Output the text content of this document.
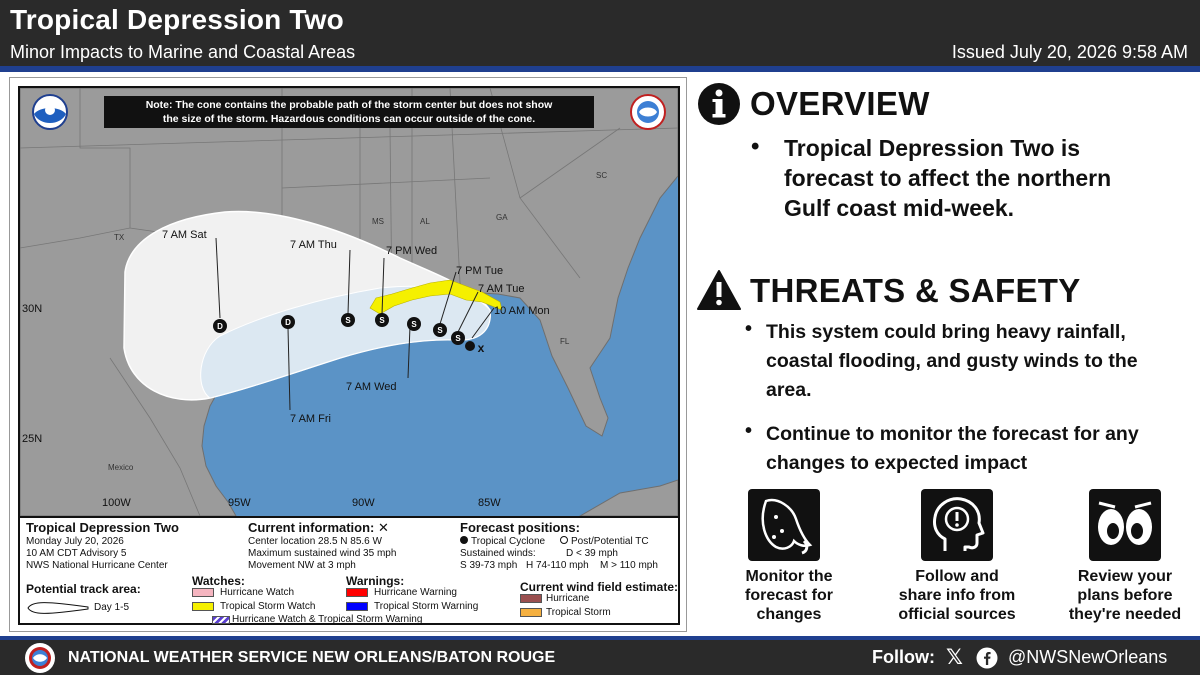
Tropical Depression Two
Minor Impacts to Marine and Coastal Areas	Issued July 20, 2026 9:58 AM
TX
MS	AL	GA
SC
FL
Mexico
30N
25N
100W	95W	90W	85W
D	D	S	S	S
S
S
x
7 AM Sat
7 AM Fri
7 AM Thu	7 PM Wed
7 AM Wed
7 PM Tue
7 AM Tue
10 AM Mon
Note: The cone contains the probable path of the storm center but does not show
the size of the storm. Hazardous conditions can occur outside of the cone.
Tropical Depression Two
Monday July 20, 2026
10 AM CDT Advisory 5
NWS National Hurricane Center
Current information: ✕
Center location 28.5 N 85.6 W
Maximum sustained wind 35 mph
Movement NW at 3 mph
Forecast positions:
Tropical Cyclone	Post/Potential TC
Sustained winds:	D < 39 mph
S 39-73 mph H 74-110 mph M > 110 mph
Potential track area:
Day 1-5
Watches:
Hurricane Watch
Tropical Storm Watch
Hurricane Watch & Tropical Storm Warning
Warnings:
Hurricane Warning
Tropical Storm Warning
Current wind field estimate:
Hurricane
Tropical Storm
OVERVIEW
• Tropical Depression Two is
forecast to affect the northern
Gulf coast mid-week.
THREATS & SAFETY
• This system could bring heavy rainfall,
coastal flooding, and gusty winds to the
area.
• Continue to monitor the forecast for any
changes to expected impact
Monitor the
forecast for
changes
Follow and
share info from
official sources
Review your
plans before
they're needed
NATIONAL WEATHER SERVICE NEW ORLEANS/BATON ROUGE	Follow: 𝕏	@NWSNewOrleans
